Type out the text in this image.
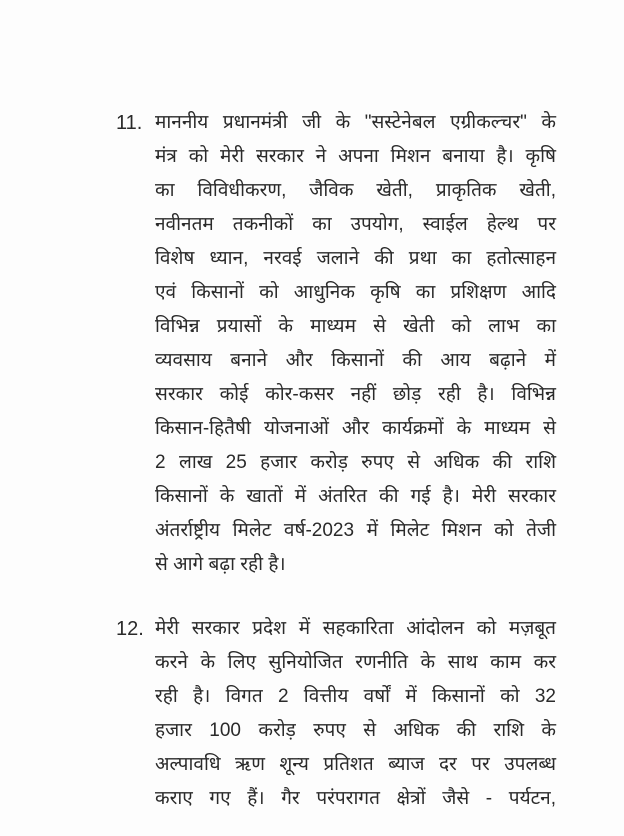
11. माननीय प्रधानमंत्री जी के "सस्टेनेबल एग्रीकल्चर" के
मंत्र को मेरी सरकार ने अपना मिशन बनाया है। कृषि
का विविधीकरण, जैविक खेती, प्राकृतिक खेती,
नवीनतम तकनीकों का उपयोग, स्वाईल हेल्थ पर
विशेष ध्यान, नरवई जलाने की प्रथा का हतोत्साहन
एवं किसानों को आधुनिक कृषि का प्रशिक्षण आदि
विभिन्न प्रयासों के माध्यम से खेती को लाभ का
व्यवसाय बनाने और किसानों की आय बढ़ाने में
सरकार कोई कोर-कसर नहीं छोड़ रही है। विभिन्न
किसान-हितैषी योजनाओं और कार्यक्रमों के माध्यम से
2 लाख 25 हजार करोड़ रुपए से अधिक की राशि
किसानों के खातों में अंतरित की गई है। मेरी सरकार
अंतर्राष्ट्रीय मिलेट वर्ष-2023 में मिलेट मिशन को तेजी
से आगे बढ़ा रही है।
12. मेरी सरकार प्रदेश में सहकारिता आंदोलन को मज़बूत
करने के लिए सुनियोजित रणनीति के साथ काम कर
रही है। विगत 2 वित्तीय वर्षों में किसानों को 32
हजार 100 करोड़ रुपए से अधिक की राशि के
अल्पावधि ऋण शून्य प्रतिशत ब्याज दर पर उपलब्ध
कराए गए हैं। गैर परंपरागत क्षेत्रों जैसे - पर्यटन,
